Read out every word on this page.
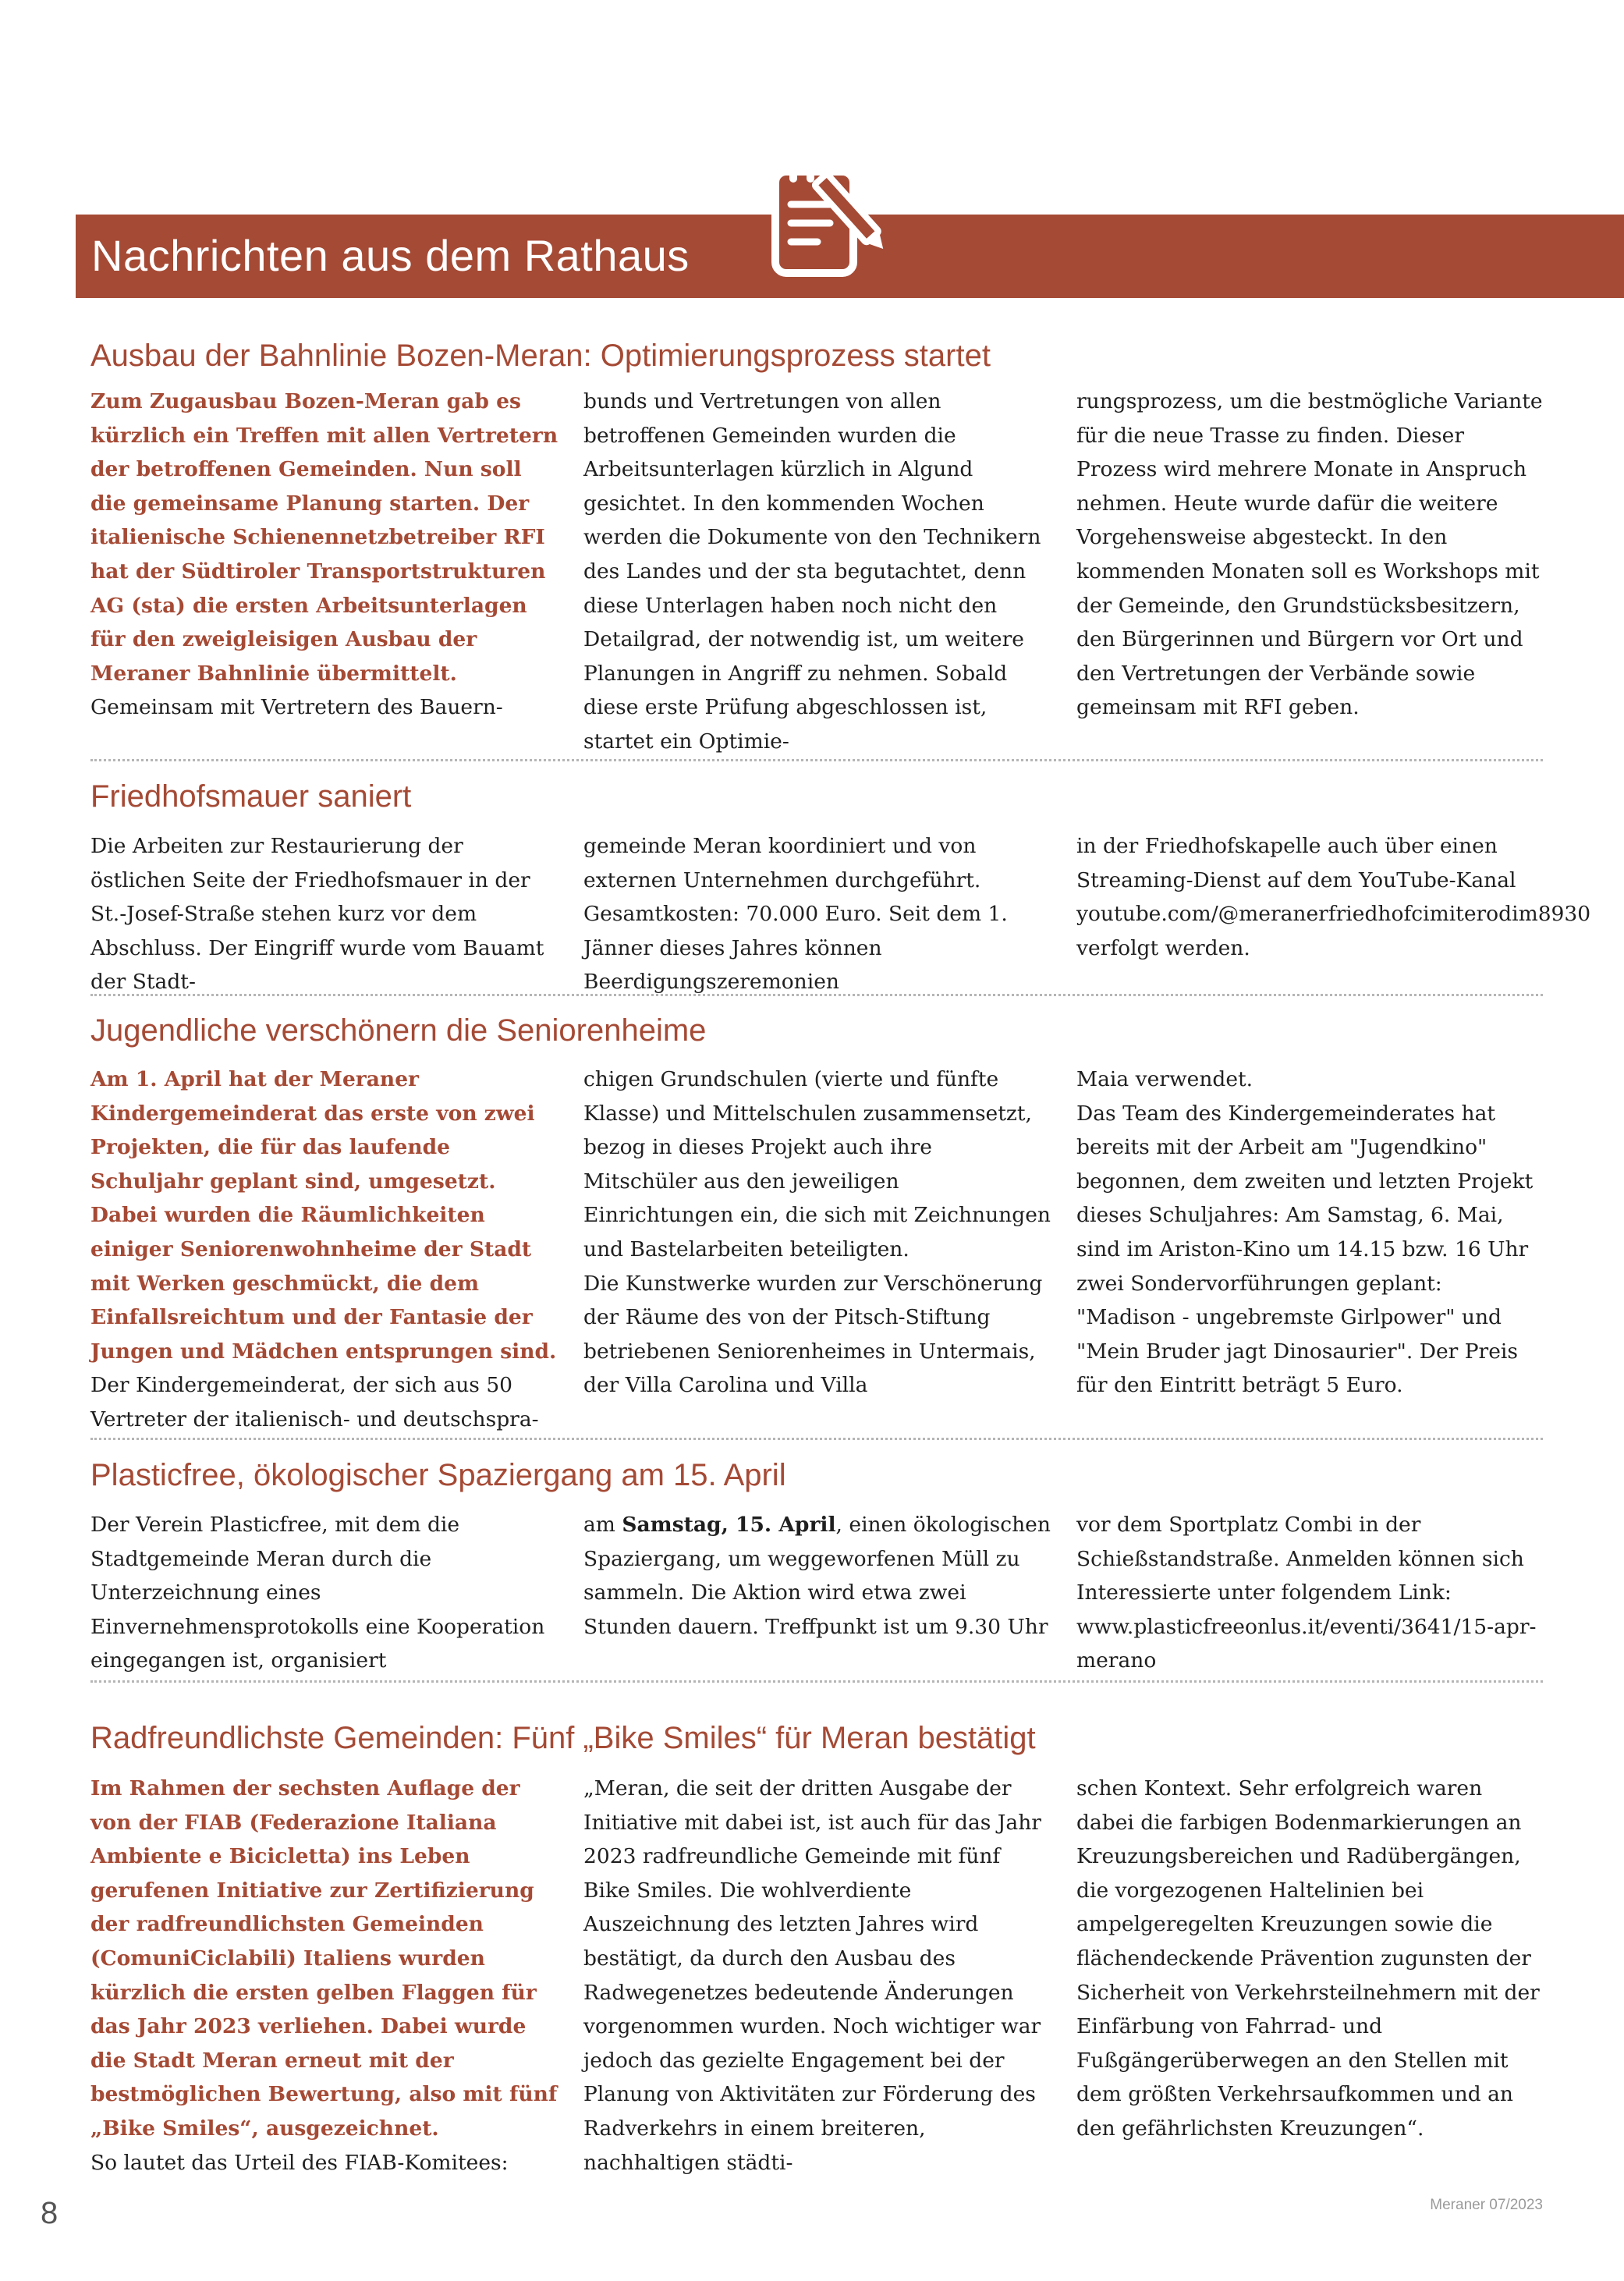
Nachrichten aus dem Rathaus
Ausbau der Bahnlinie Bozen-Meran: Optimierungsprozess startet
Zum Zugausbau Bozen-Meran gab es kürzlich ein Treffen mit allen Vertretern der betroffenen Gemeinden. Nun soll die gemeinsame Planung starten. Der italienische Schienennetzbetreiber RFI hat der Südtiroler Transportstrukturen AG (sta) die ersten Arbeitsunterlagen für den zweigleisigen Ausbau der Meraner Bahnlinie übermittelt.
Gemeinsam mit Vertretern des Bauern-
bunds und Vertretungen von allen betroffenen Gemeinden wurden die Arbeitsunterlagen kürzlich in Algund gesichtet. In den kommenden Wochen werden die Dokumente von den Technikern des Landes und der sta begutachtet, denn diese Unterlagen haben noch nicht den Detailgrad, der notwendig ist, um weitere Planungen in Angriff zu nehmen. Sobald diese erste Prüfung abgeschlossen ist, startet ein Optimie-
rungsprozess, um die bestmögliche Variante für die neue Trasse zu finden. Dieser Prozess wird mehrere Monate in Anspruch nehmen. Heute wurde dafür die weitere Vorgehensweise abgesteckt. In den kommenden Monaten soll es Workshops mit der Gemeinde, den Grundstücksbesitzern, den Bürgerinnen und Bürgern vor Ort und den Vertretungen der Verbände sowie gemeinsam mit RFI geben.
Friedhofsmauer saniert
Die Arbeiten zur Restaurierung der östlichen Seite der Friedhofsmauer in der St.-Josef-Straße stehen kurz vor dem Abschluss. Der Eingriff wurde vom Bauamt der Stadt-
gemeinde Meran koordiniert und von externen Unternehmen durchgeführt. Gesamtkosten: 70.000 Euro. Seit dem 1. Jänner dieses Jahres können Beerdigungszeremonien
in der Friedhofskapelle auch über einen Streaming-Dienst auf dem YouTube-Kanal youtube.com/@meranerfriedhofcimiterodim8930 verfolgt werden.
Jugendliche verschönern die Seniorenheime
Am 1. April hat der Meraner Kindergemeinderat das erste von zwei Projekten, die für das laufende Schuljahr geplant sind, umgesetzt. Dabei wurden die Räumlichkeiten einiger Seniorenwohnheime der Stadt mit Werken geschmückt, die dem Einfallsreichtum und der Fantasie der Jungen und Mädchen entsprungen sind.
Der Kindergemeinderat, der sich aus 50 Vertreter der italienisch- und deutschspra-
chigen Grundschulen (vierte und fünfte Klasse) und Mittelschulen zusammensetzt, bezog in dieses Projekt auch ihre Mitschüler aus den jeweiligen Einrichtungen ein, die sich mit Zeichnungen und Bastelarbeiten beteiligten.
Die Kunstwerke wurden zur Verschönerung der Räume des von der Pitsch-Stiftung betriebenen Seniorenheimes in Untermais, der Villa Carolina und Villa
Maia verwendet.
Das Team des Kindergemeinderates hat bereits mit der Arbeit am "Jugendkino" begonnen, dem zweiten und letzten Projekt dieses Schuljahres: Am Samstag, 6. Mai, sind im Ariston-Kino um 14.15 bzw. 16 Uhr zwei Sondervorführungen geplant: "Madison - ungebremste Girlpower" und "Mein Bruder jagt Dinosaurier". Der Preis für den Eintritt beträgt 5 Euro.
Plasticfree, ökologischer Spaziergang am 15. April
Der Verein Plasticfree, mit dem die Stadtgemeinde Meran durch die Unterzeichnung eines Einvernehmensprotokolls eine Kooperation eingegangen ist, organisiert
am Samstag, 15. April, einen ökologischen Spaziergang, um weggeworfenen Müll zu sammeln. Die Aktion wird etwa zwei Stunden dauern. Treffpunkt ist um 9.30 Uhr
vor dem Sportplatz Combi in der Schießstandstraße. Anmelden können sich Interessierte unter folgendem Link: www.plasticfreeonlus.it/eventi/3641/15-apr-merano
Radfreundlichste Gemeinden: Fünf „Bike Smiles“ für Meran bestätigt
Im Rahmen der sechsten Auflage der von der FIAB (Federazione Italiana Ambiente e Bicicletta) ins Leben gerufenen Initiative zur Zertifizierung der radfreundlichsten Gemeinden (ComuniCiclabili) Italiens wurden kürzlich die ersten gelben Flaggen für das Jahr 2023 verliehen. Dabei wurde die Stadt Meran erneut mit der bestmöglichen Bewertung, also mit fünf „Bike Smiles“, ausgezeichnet.
So lautet das Urteil des FIAB-Komitees:
„Meran, die seit der dritten Ausgabe der Initiative mit dabei ist, ist auch für das Jahr 2023 radfreundliche Gemeinde mit fünf Bike Smiles. Die wohlverdiente Auszeichnung des letzten Jahres wird bestätigt, da durch den Ausbau des Radwegenetzes bedeutende Änderungen vorgenommen wurden. Noch wichtiger war jedoch das gezielte Engagement bei der Planung von Aktivitäten zur Förderung des Radverkehrs in einem breiteren, nachhaltigen städti-
schen Kontext. Sehr erfolgreich waren dabei die farbigen Bodenmarkierungen an Kreuzungsbereichen und Radübergängen, die vorgezogenen Haltelinien bei ampelgeregelten Kreuzungen sowie die flächendeckende Prävention zugunsten der Sicherheit von Verkehrsteilnehmern mit der Einfärbung von Fahrrad- und Fußgängerüberwegen an den Stellen mit dem größten Verkehrsaufkommen und an den gefährlichsten Kreuzungen“.
8	Meraner 07/2023
